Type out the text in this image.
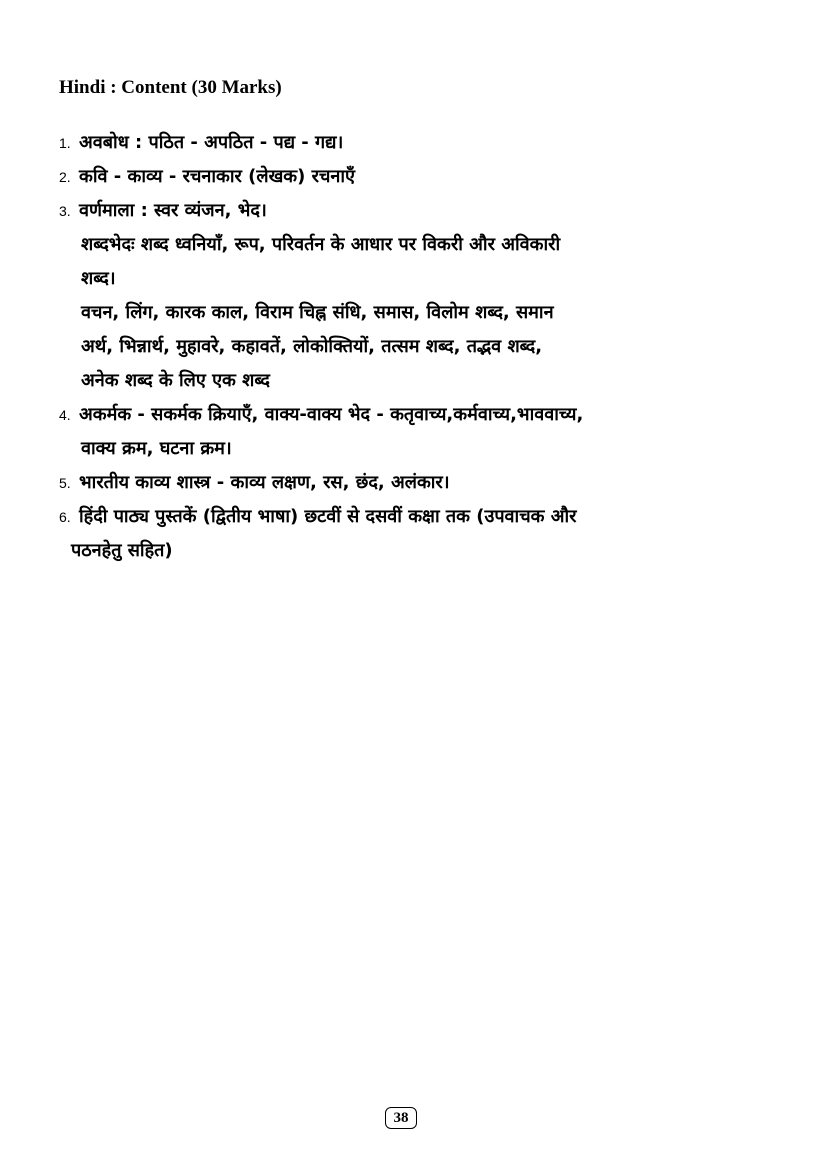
Hindi : Content (30 Marks)
1. अवबोध : पठित - अपठित - पद्य - गद्य।
2. कवि - काव्य - रचनाकार (लेखक) रचनाएँ
3. वर्णमाला : स्वर व्यंजन, भेद।
शब्दभेदः शब्द ध्वनियाँ, रूप, परिवर्तन के आधार पर विकरी और अविकारी
शब्द।
वचन, लिंग, कारक काल, विराम चिह्न संधि, समास, विलोम शब्द, समान
अर्थ, भिन्नार्थ, मुहावरे, कहावतें, लोकोक्तियों, तत्सम शब्द, तद्भव शब्द,
अनेक शब्द के लिए एक शब्द
4. अकर्मक - सकर्मक क्रियाएँ, वाक्य-वाक्य भेद - कतृवाच्य,कर्मवाच्य,भाववाच्य,
वाक्य क्रम, घटना क्रम।
5. भारतीय काव्य शास्त्र - काव्य लक्षण, रस, छंद, अलंकार।
6. हिंदी पाठ्य पुस्तकें (द्वितीय भाषा) छटवीं से दसवीं कक्षा तक (उपवाचक और
पठनहेतु सहित)
38
